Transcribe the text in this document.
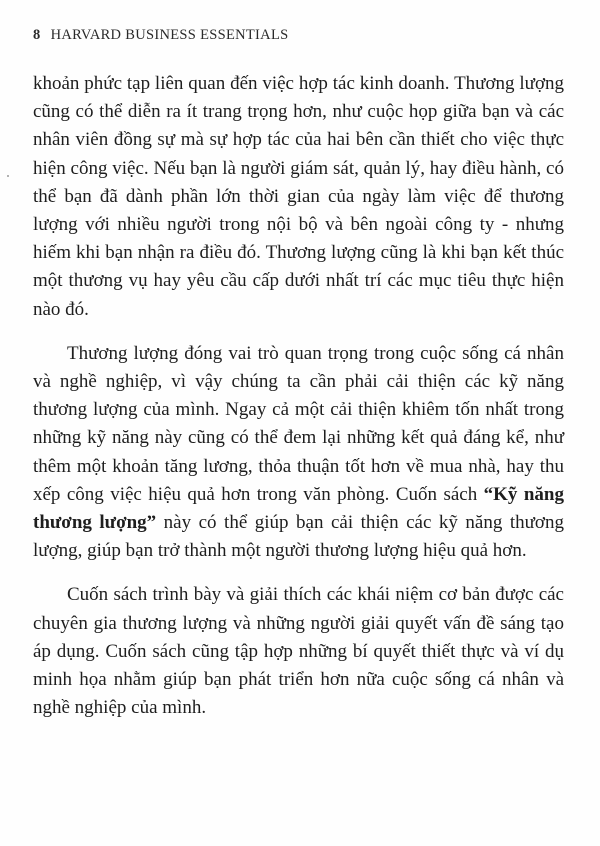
8 HARVARD BUSINESS ESSENTIALS

khoản phức tạp liên quan đến việc hợp tác kinh doanh. Thương lượng cũng có thể diễn ra ít trang trọng hơn, như cuộc họp giữa bạn và các nhân viên đồng sự mà sự hợp tác của hai bên cần thiết cho việc thực hiện công việc. Nếu bạn là người giám sát, quản lý, hay điều hành, có thể bạn đã dành phần lớn thời gian của ngày làm việc để thương lượng với nhiều người trong nội bộ và bên ngoài công ty - nhưng hiếm khi bạn nhận ra điều đó. Thương lượng cũng là khi bạn kết thúc một thương vụ hay yêu cầu cấp dưới nhất trí các mục tiêu thực hiện nào đó.

Thương lượng đóng vai trò quan trọng trong cuộc sống cá nhân và nghề nghiệp, vì vậy chúng ta cần phải cải thiện các kỹ năng thương lượng của mình. Ngay cả một cải thiện khiêm tốn nhất trong những kỹ năng này cũng có thể đem lại những kết quả đáng kể, như thêm một khoản tăng lương, thỏa thuận tốt hơn về mua nhà, hay thu xếp công việc hiệu quả hơn trong văn phòng. Cuốn sách “Kỹ năng thương lượng” này có thể giúp bạn cải thiện các kỹ năng thương lượng, giúp bạn trở thành một người thương lượng hiệu quả hơn.

Cuốn sách trình bày và giải thích các khái niệm cơ bản được các chuyên gia thương lượng và những người giải quyết vấn đề sáng tạo áp dụng. Cuốn sách cũng tập hợp những bí quyết thiết thực và ví dụ minh họa nhằm giúp bạn phát triển hơn nữa cuộc sống cá nhân và nghề nghiệp của mình.
